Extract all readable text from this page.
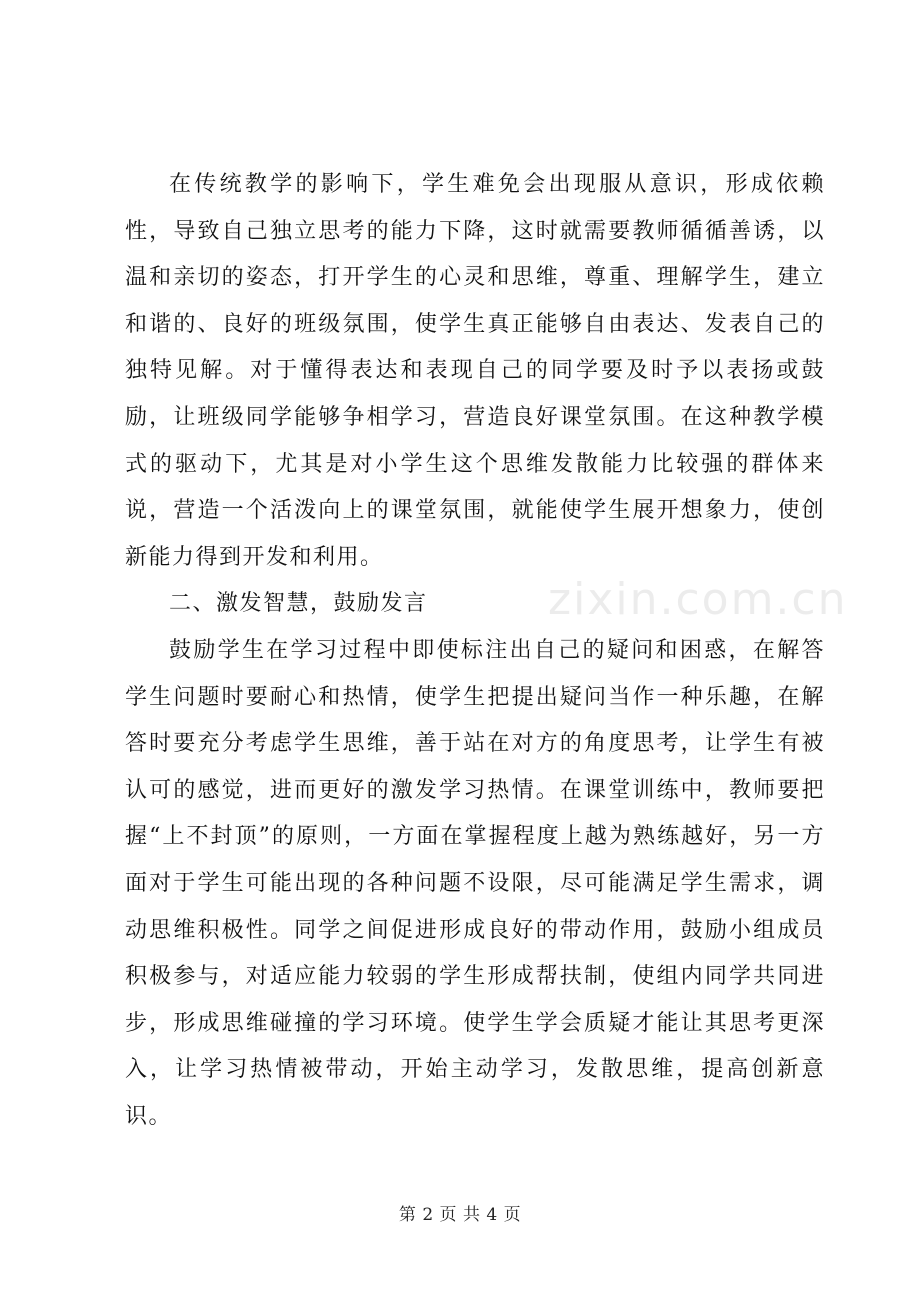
在传统教学的影响下，学生难免会出现服从意识，形成依赖性，导致自己独立思考的能力下降，这时就需要教师循循善诱，以温和亲切的姿态，打开学生的心灵和思维，尊重、理解学生，建立和谐的、良好的班级氛围，使学生真正能够自由表达、发表自己的独特见解。对于懂得表达和表现自己的同学要及时予以表扬或鼓励，让班级同学能够争相学习，营造良好课堂氛围。在这种教学模式的驱动下，尤其是对小学生这个思维发散能力比较强的群体来说，营造一个活泼向上的课堂氛围，就能使学生展开想象力，使创新能力得到开发和利用。

二、激发智慧，鼓励发言

鼓励学生在学习过程中即使标注出自己的疑问和困惑，在解答学生问题时要耐心和热情，使学生把提出疑问当作一种乐趣，在解答时要充分考虑学生思维，善于站在对方的角度思考，让学生有被认可的感觉，进而更好的激发学习热情。在课堂训练中，教师要把握“上不封顶”的原则，一方面在掌握程度上越为熟练越好，另一方面对于学生可能出现的各种问题不设限，尽可能满足学生需求，调动思维积极性。同学之间促进形成良好的带动作用，鼓励小组成员积极参与，对适应能力较弱的学生形成帮扶制，使组内同学共同进步，形成思维碰撞的学习环境。使学生学会质疑才能让其思考更深入，让学习热情被带动，开始主动学习，发散思维，提高创新意识。

zixin.com.cn
第 2 页 共 4 页
